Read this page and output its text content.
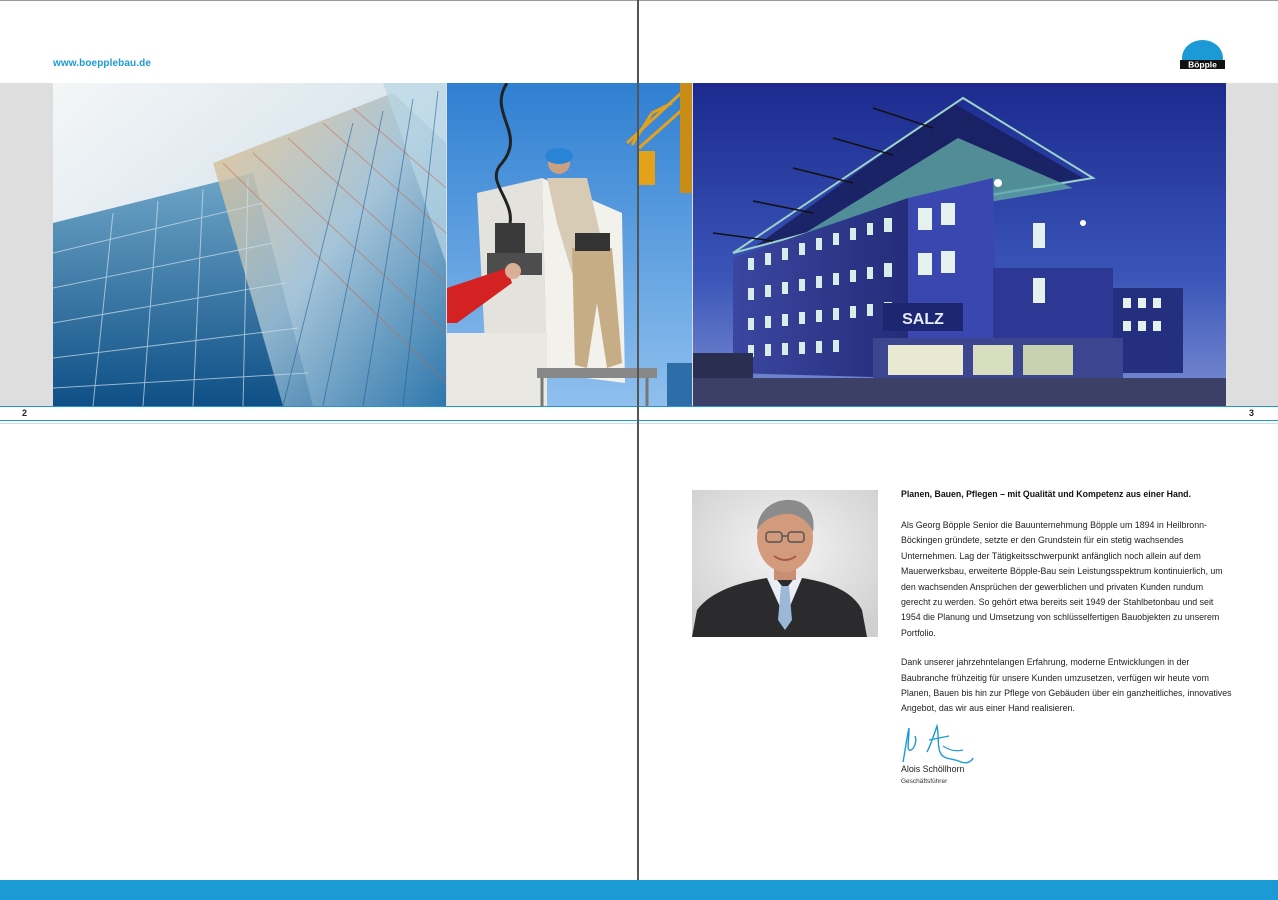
www.boepplebau.de	Böpple
SALZ
2	3
Planen, Bauen, Pflegen – mit Qualität und Kompetenz aus einer Hand.

Als Georg Böpple Senior die Bauunternehmung Böpple um 1894 in Heilbronn-Böckingen gründete, setzte er den Grundstein für ein stetig wachsendes Unternehmen. Lag der Tätigkeitsschwerpunkt anfänglich noch allein auf dem Mauerwerksbau, erweiterte Böpple-Bau sein Leistungsspektrum kontinuierlich, um den wachsenden Ansprüchen der gewerblichen und privaten Kunden rundum gerecht zu werden. So gehört etwa bereits seit 1949 der Stahlbetonbau und seit 1954 die Planung und Umsetzung von schlüsselfertigen Bauobjekten zu unserem Portfolio.

Dank unserer jahrzehntelangen Erfahrung, moderne Entwicklungen in der Baubranche frühzeitig für unsere Kunden umzusetzen, verfügen wir heute vom Planen, Bauen bis hin zur Pflege von Gebäuden über ein ganzheitliches, innovatives Angebot, das wir aus einer Hand realisieren.

Alois Schöllhorn
Geschäftsführer
